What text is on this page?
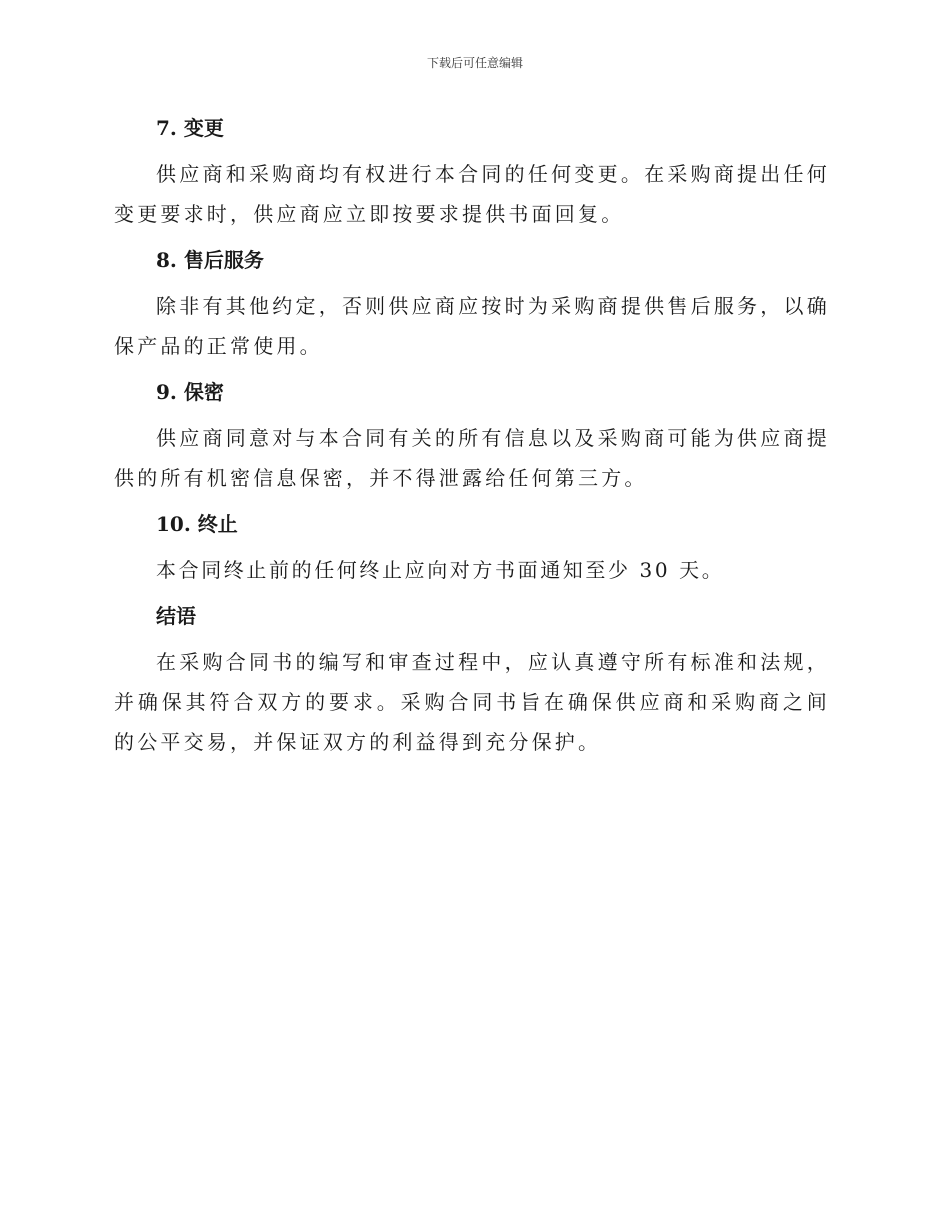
下载后可任意编辑
7. 变更

供应商和采购商均有权进行本合同的任何变更。在采购商提出任何变更要求时，供应商应立即按要求提供书面回复。

8. 售后服务

除非有其他约定，否则供应商应按时为采购商提供售后服务，以确保产品的正常使用。

9. 保密

供应商同意对与本合同有关的所有信息以及采购商可能为供应商提供的所有机密信息保密，并不得泄露给任何第三方。

10. 终止

本合同终止前的任何终止应向对方书面通知至少 30 天。

结语

在采购合同书的编写和审查过程中，应认真遵守所有标准和法规，并确保其符合双方的要求。采购合同书旨在确保供应商和采购商之间的公平交易，并保证双方的利益得到充分保护。
